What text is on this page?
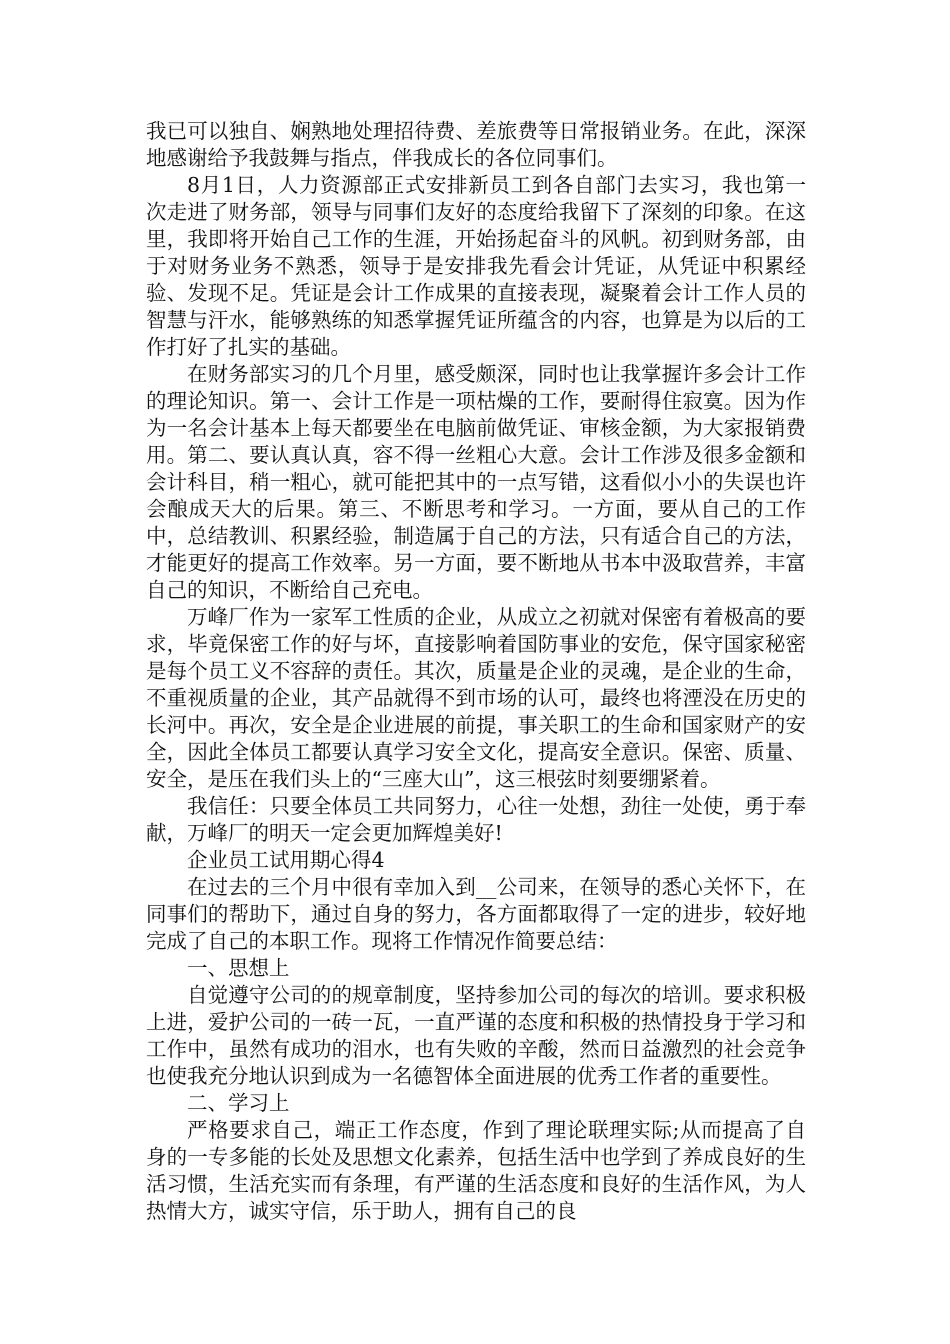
我已可以独自、娴熟地处理招待费、差旅费等日常报销业务。在此，深深地感谢给予我鼓舞与指点，伴我成长的各位同事们。

8月1日，人力资源部正式安排新员工到各自部门去实习，我也第一次走进了财务部，领导与同事们友好的态度给我留下了深刻的印象。在这里，我即将开始自己工作的生涯，开始扬起奋斗的风帆。初到财务部，由于对财务业务不熟悉，领导于是安排我先看会计凭证，从凭证中积累经验、发现不足。凭证是会计工作成果的直接表现，凝聚着会计工作人员的智慧与汗水，能够熟练的知悉掌握凭证所蕴含的内容，也算是为以后的工作打好了扎实的基础。

在财务部实习的几个月里，感受颇深，同时也让我掌握许多会计工作的理论知识。第一、会计工作是一项枯燥的工作，要耐得住寂寞。因为作为一名会计基本上每天都要坐在电脑前做凭证、审核金额，为大家报销费用。第二、要认真认真，容不得一丝粗心大意。会计工作涉及很多金额和会计科目，稍一粗心，就可能把其中的一点写错，这看似小小的失误也许会酿成天大的后果。第三、不断思考和学习。一方面，要从自己的工作中，总结教训、积累经验，制造属于自己的方法，只有适合自己的方法，才能更好的提高工作效率。另一方面，要不断地从书本中汲取营养，丰富自己的知识，不断给自己充电。

万峰厂作为一家军工性质的企业，从成立之初就对保密有着极高的要求，毕竟保密工作的好与坏，直接影响着国防事业的安危，保守国家秘密是每个员工义不容辞的责任。其次，质量是企业的灵魂，是企业的生命，不重视质量的企业，其产品就得不到市场的认可，最终也将湮没在历史的长河中。再次，安全是企业进展的前提，事关职工的生命和国家财产的安全，因此全体员工都要认真学习安全文化，提高安全意识。保密、质量、安全，是压在我们头上的“三座大山”，这三根弦时刻要绷紧着。

我信任：只要全体员工共同努力，心往一处想，劲往一处使，勇于奉献，万峰厂的明天一定会更加辉煌美好!

企业员工试用期心得4

在过去的三个月中很有幸加入到__公司来，在领导的悉心关怀下，在同事们的帮助下，通过自身的努力，各方面都取得了一定的进步，较好地完成了自己的本职工作。现将工作情况作简要总结：

一、思想上

自觉遵守公司的的规章制度，坚持参加公司的每次的培训。要求积极上进，爱护公司的一砖一瓦，一直严谨的态度和积极的热情投身于学习和工作中，虽然有成功的泪水，也有失败的辛酸，然而日益激烈的社会竞争也使我充分地认识到成为一名德智体全面进展的优秀工作者的重要性。

二、学习上

严格要求自己，端正工作态度，作到了理论联理实际;从而提高了自身的一专多能的长处及思想文化素养，包括生活中也学到了养成良好的生活习惯，生活充实而有条理，有严谨的生活态度和良好的生活作风，为人热情大方，诚实守信，乐于助人，拥有自己的良
